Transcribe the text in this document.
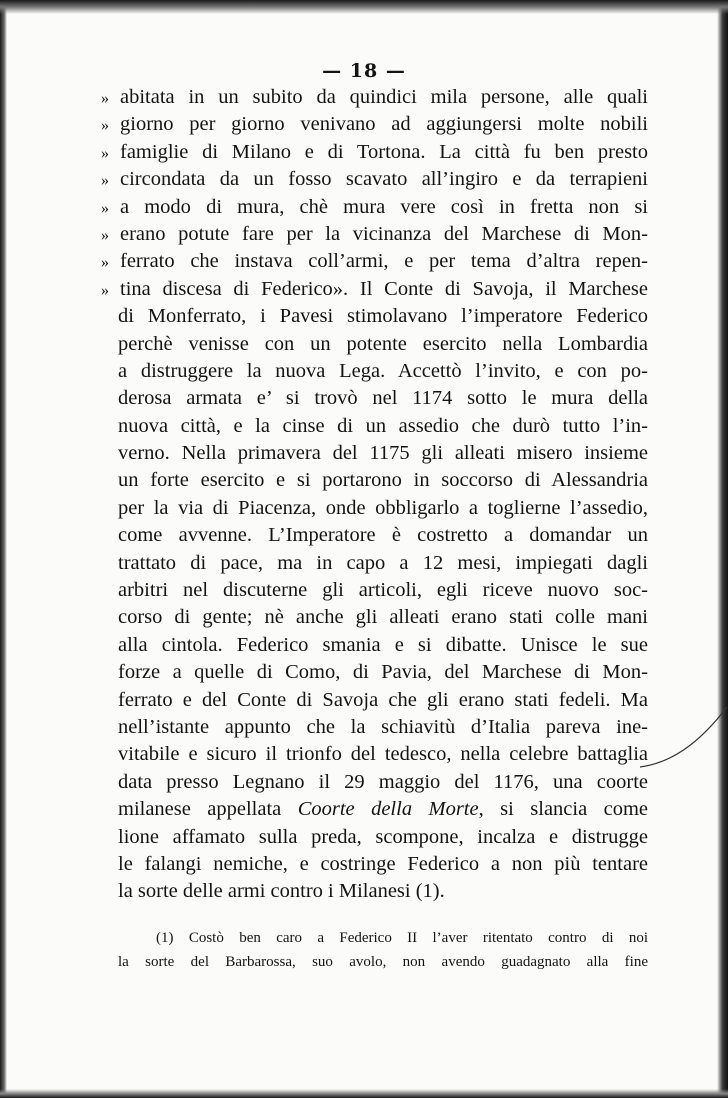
— 18 —
» abitata in un subito da quindici mila persone, alle quali
» giorno per giorno venivano ad aggiungersi molte nobili
» famiglie di Milano e di Tortona. La città fu ben presto
» circondata da un fosso scavato all’ingiro e da terrapieni
» a modo di mura, chè mura vere così in fretta non si
» erano potute fare per la vicinanza del Marchese di Mon-
» ferrato che instava coll’armi, e per tema d’altra repen-
» tina discesa di Federico». Il Conte di Savoja, il Marchese
di Monferrato, i Pavesi stimolavano l’imperatore Federico
perchè venisse con un potente esercito nella Lombardia
a distruggere la nuova Lega. Accettò l’invito, e con po-
derosa armata e’ si trovò nel 1174 sotto le mura della
nuova città, e la cinse di un assedio che durò tutto l’in-
verno. Nella primavera del 1175 gli alleati misero insieme
un forte esercito e si portarono in soccorso di Alessandria
per la via di Piacenza, onde obbligarlo a toglierne l’assedio,
come avvenne. L’Imperatore è costretto a domandar un
trattato di pace, ma in capo a 12 mesi, impiegati dagli
arbitri nel discuterne gli articoli, egli riceve nuovo soc-
corso di gente; nè anche gli alleati erano stati colle mani
alla cintola. Federico smania e si dibatte. Unisce le sue
forze a quelle di Como, di Pavia, del Marchese di Mon-
ferrato e del Conte di Savoja che gli erano stati fedeli. Ma
nell’istante appunto che la schiavitù d’Italia pareva ine-
vitabile e sicuro il trionfo del tedesco, nella celebre battaglia
data presso Legnano il 29 maggio del 1176, una coorte
milanese appellata Coorte della Morte, si slancia come
lione affamato sulla preda, scompone, incalza e distrugge
le falangi nemiche, e costringe Federico a non più tentare
la sorte delle armi contro i Milanesi (1).
(1) Costò ben caro a Federico II l’aver ritentato contro di noi
la sorte del Barbarossa, suo avolo, non avendo guadagnato alla fine
